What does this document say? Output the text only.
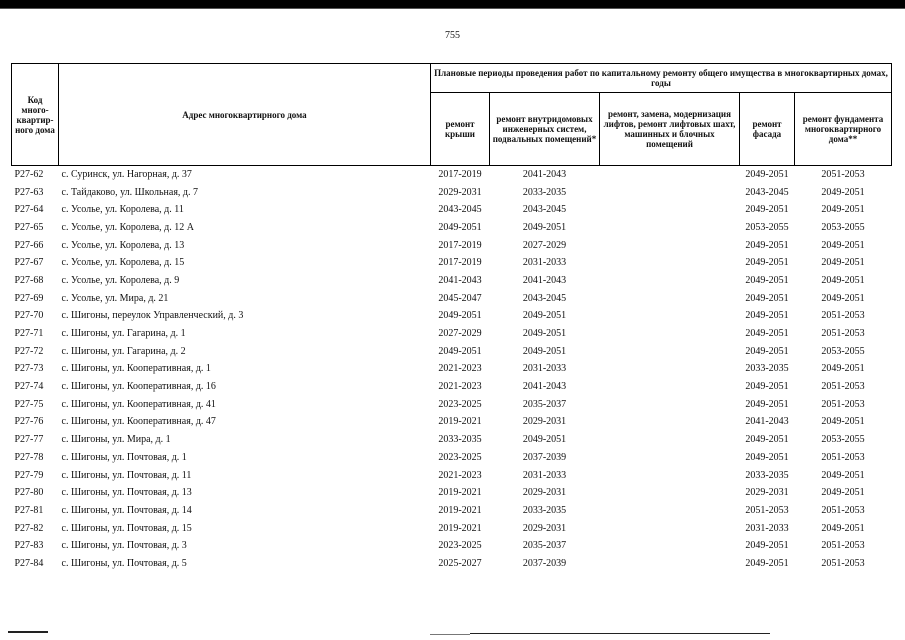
755
Код много-квартир-ного дома	Адрес многоквартирного дома	Плановые периоды проведения работ по капитальному ремонту общего имущества в многоквартирных домах, годы				
		ремонт крыши	ремонт внутридомовых инженерных систем, подвальных помещений*	ремонт, замена, модернизация лифтов, ремонт лифтовых шахт, машинных и блочных помещений	ремонт фасада	ремонт фундамента многоквартирного дома**
Р27-62	с. Суринск, ул. Нагорная, д. 37	2017-2019	2041-2043		2049-2051	2051-2053
Р27-63	с. Тайдаково, ул. Школьная, д. 7	2029-2031	2033-2035		2043-2045	2049-2051
Р27-64	с. Усолье, ул. Королева, д. 11	2043-2045	2043-2045		2049-2051	2049-2051
Р27-65	с. Усолье, ул. Королева, д. 12 А	2049-2051	2049-2051		2053-2055	2053-2055
Р27-66	с. Усолье, ул. Королева, д. 13	2017-2019	2027-2029		2049-2051	2049-2051
Р27-67	с. Усолье, ул. Королева, д. 15	2017-2019	2031-2033		2049-2051	2049-2051
Р27-68	с. Усолье, ул. Королева, д. 9	2041-2043	2041-2043		2049-2051	2049-2051
Р27-69	с. Усолье, ул. Мира, д. 21	2045-2047	2043-2045		2049-2051	2049-2051
Р27-70	с. Шигоны, переулок Управленческий, д. 3	2049-2051	2049-2051		2049-2051	2051-2053
Р27-71	с. Шигоны, ул. Гагарина, д. 1	2027-2029	2049-2051		2049-2051	2051-2053
Р27-72	с. Шигоны, ул. Гагарина, д. 2	2049-2051	2049-2051		2049-2051	2053-2055
Р27-73	с. Шигоны, ул. Кооперативная, д. 1	2021-2023	2031-2033		2033-2035	2049-2051
Р27-74	с. Шигоны, ул. Кооперативная, д. 16	2021-2023	2041-2043		2049-2051	2051-2053
Р27-75	с. Шигоны, ул. Кооперативная, д. 41	2023-2025	2035-2037		2049-2051	2051-2053
Р27-76	с. Шигоны, ул. Кооперативная, д. 47	2019-2021	2029-2031		2041-2043	2049-2051
Р27-77	с. Шигоны, ул. Мира, д. 1	2033-2035	2049-2051		2049-2051	2053-2055
Р27-78	с. Шигоны, ул. Почтовая, д. 1	2023-2025	2037-2039		2049-2051	2051-2053
Р27-79	с. Шигоны, ул. Почтовая, д. 11	2021-2023	2031-2033		2033-2035	2049-2051
Р27-80	с. Шигоны, ул. Почтовая, д. 13	2019-2021	2029-2031		2029-2031	2049-2051
Р27-81	с. Шигоны, ул. Почтовая, д. 14	2019-2021	2033-2035		2051-2053	2051-2053
Р27-82	с. Шигоны, ул. Почтовая, д. 15	2019-2021	2029-2031		2031-2033	2049-2051
Р27-83	с. Шигоны, ул. Почтовая, д. 3	2023-2025	2035-2037		2049-2051	2051-2053
Р27-84	с. Шигоны, ул. Почтовая, д. 5	2025-2027	2037-2039		2049-2051	2051-2053
